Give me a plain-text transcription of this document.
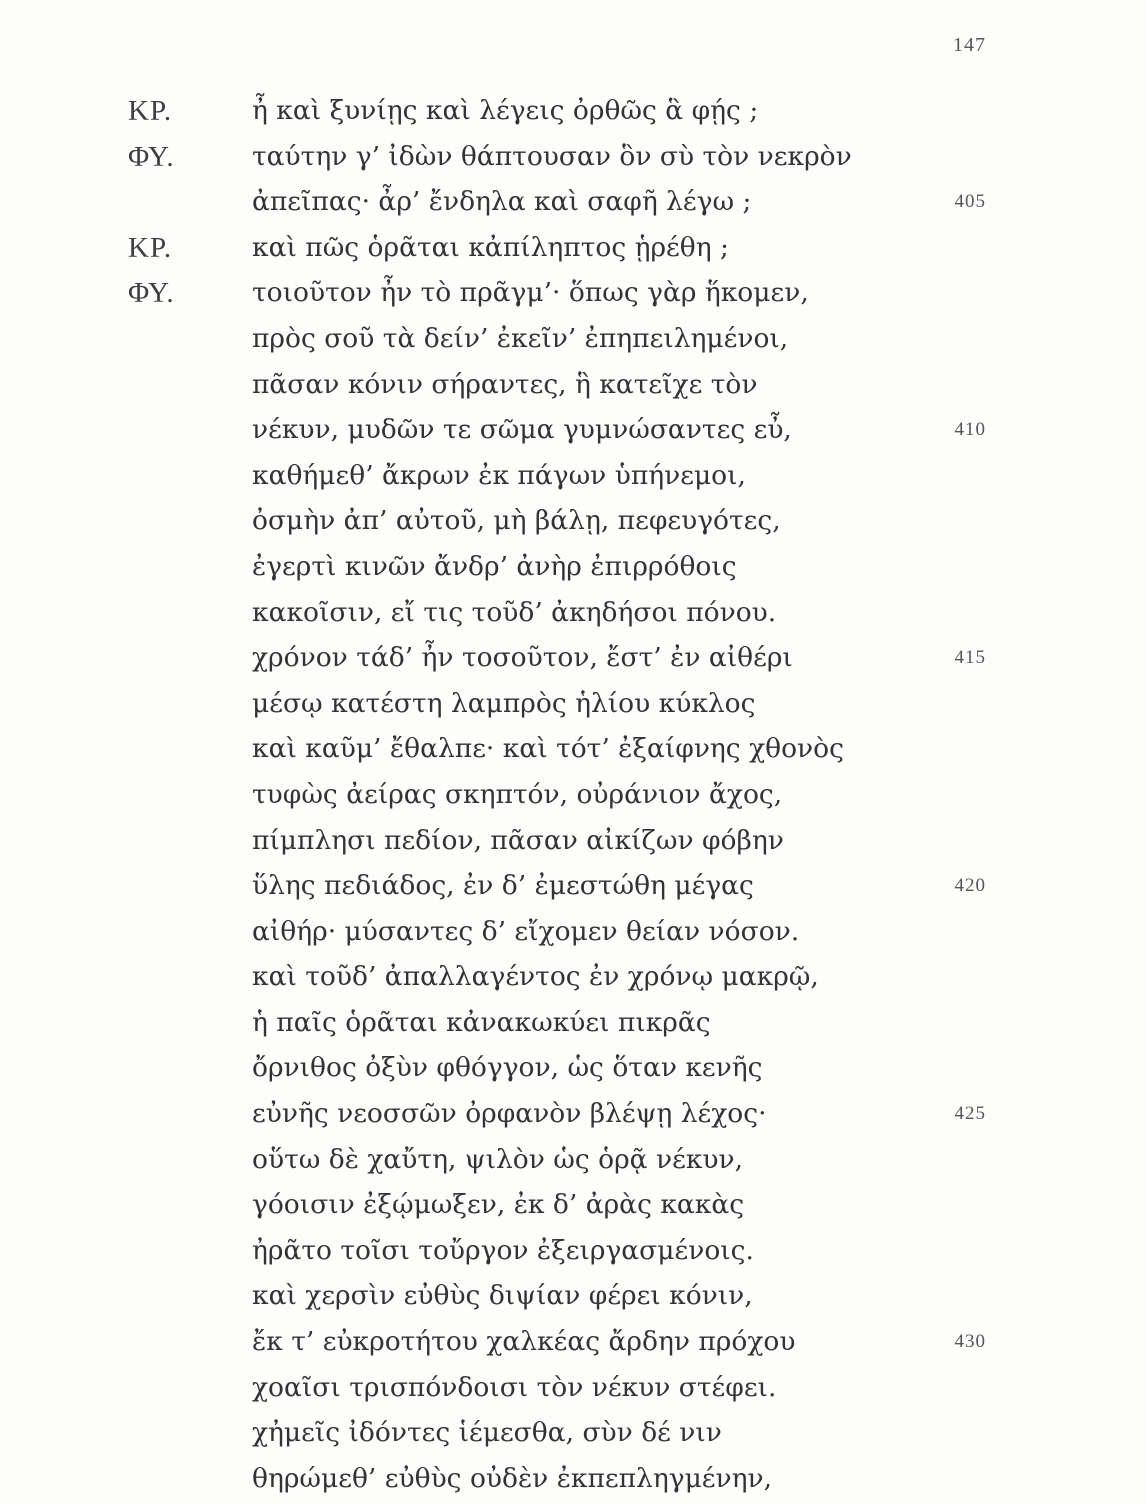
147
ΚΡ.	ἦ καὶ ξυνίῃς καὶ λέγεις ὀρθῶς ἃ φῄς ;
ΦΥ.	ταύτην γ’ ἰδὼν θάπτουσαν ὃν σὺ τὸν νεκρὸν
ἀπεῖπας· ἆρ’ ἔνδηλα καὶ σαφῆ λέγω ;	405
ΚΡ.	καὶ πῶς ὁρᾶται κἀπίληπτος ᾑρέθη ;
ΦΥ.	τοιοῦτον ἦν τὸ πρᾶγμ’· ὅπως γὰρ ἥκομεν,
πρὸς σοῦ τὰ δείν’ ἐκεῖν’ ἐπηπειλημένοι,
πᾶσαν κόνιν σήραντες, ἣ κατεῖχε τὸν
νέκυν, μυδῶν τε σῶμα γυμνώσαντες εὖ,	410
καθήμεθ’ ἄκρων ἐκ πάγων ὑπήνεμοι,
ὀσμὴν ἀπ’ αὐτοῦ, μὴ βάλῃ, πεφευγότες,
ἐγερτὶ κινῶν ἄνδρ’ ἀνὴρ ἐπιρρόθοις
κακοῖσιν, εἴ τις τοῦδ’ ἀκηδήσοι πόνου.
χρόνον τάδ’ ἦν τοσοῦτον, ἔστ’ ἐν αἰθέρι	415
μέσῳ κατέστη λαμπρὸς ἡλίου κύκλος
καὶ καῦμ’ ἔθαλπε· καὶ τότ’ ἐξαίφνης χθονὸς
τυφὼς ἀείρας σκηπτόν, οὐράνιον ἄχος,
πίμπλησι πεδίον, πᾶσαν αἰκίζων φόβην
ὕλης πεδιάδος, ἐν δ’ ἐμεστώθη μέγας	420
αἰθήρ· μύσαντες δ’ εἴχομεν θείαν νόσον.
καὶ τοῦδ’ ἀπαλλαγέντος ἐν χρόνῳ μακρῷ,
ἡ παῖς ὁρᾶται κἀνακωκύει πικρᾶς
ὄρνιθος ὀξὺν φθόγγον, ὡς ὅταν κενῆς
εὐνῆς νεοσσῶν ὀρφανὸν βλέψῃ λέχος·	425
οὕτω δὲ χαὔτη, ψιλὸν ὡς ὁρᾷ νέκυν,
γόοισιν ἐξῴμωξεν, ἐκ δ’ ἀρὰς κακὰς
ἠρᾶτο τοῖσι τοὔργον ἐξειργασμένοις.
καὶ χερσὶν εὐθὺς διψίαν φέρει κόνιν,
ἔκ τ’ εὐκροτήτου χαλκέας ἄρδην πρόχου	430
χοαῖσι τρισπόνδοισι τὸν νέκυν στέφει.
χἠμεῖς ἰδόντες ἱέμεσθα, σὺν δέ νιν
θηρώμεθ’ εὐθὺς οὐδὲν ἐκπεπληγμένην,
